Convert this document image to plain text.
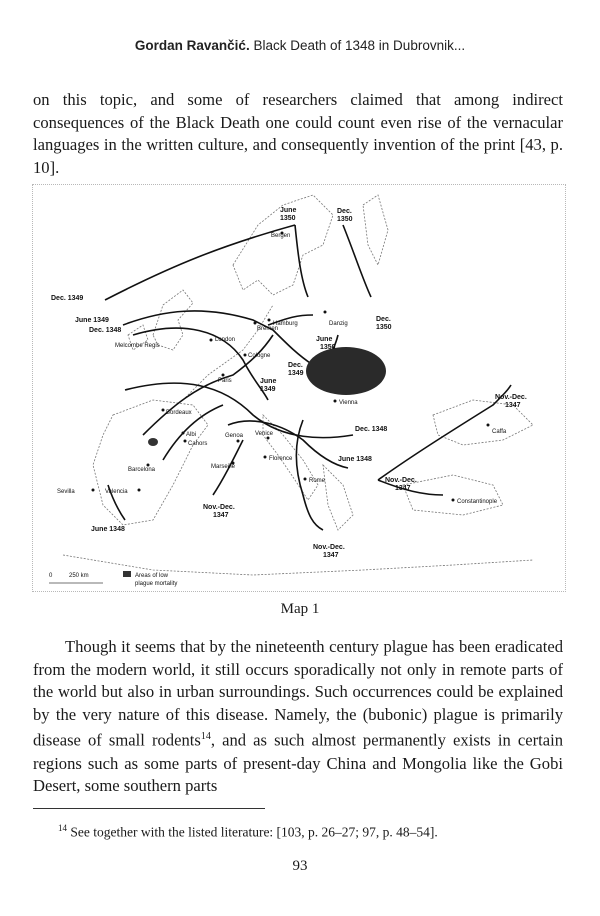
Gordan Ravančić. Black Death of 1348 in Dubrovnik...

on this topic, and some of researchers claimed that among indirect consequences of the Black Death one could count even rise of the vernacular languages in the written culture, and consequently invention of the print [43, p. 10].

June
1350
Dec.
1350
Dec. 1349
June 1349
Dec. 1348
Dec.
1350
June
1350
Dec.
1349
June
1349
Nov.-Dec.
1347
Dec. 1348
June 1348
Nov.-Dec.
1347
Nov.-Dec.
1347
June 1348
Nov.-Dec.
1347
Bergen
Hamburg	Danzig
Bremen
London
Cologne
Paris
Vienna
Bordeaux
Albi
Cahors
Genoa Venice
Marseille
Florence
Barcelona
Rome
Sevilla	Valencia
Constantinople
Caffa
Melcombe Regis
0	250 km	Areas of low
plague mortality
Map 1

Though it seems that by the nineteenth century plague has been eradicated from the modern world, it still occurs sporadically not only in remote parts of the world but also in urban surroundings. Such occurrences could be explained by the very nature of this disease. Namely, the (bubonic) plague is primarily disease of small rodents$^{14}$, and as such almost permanently exists in certain regions such as some parts of present-day China and Mongolia like the Gobi Desert, some southern parts

$^{14}$ See together with the listed literature: [103, p. 26–27; 97, p. 48–54].
93
